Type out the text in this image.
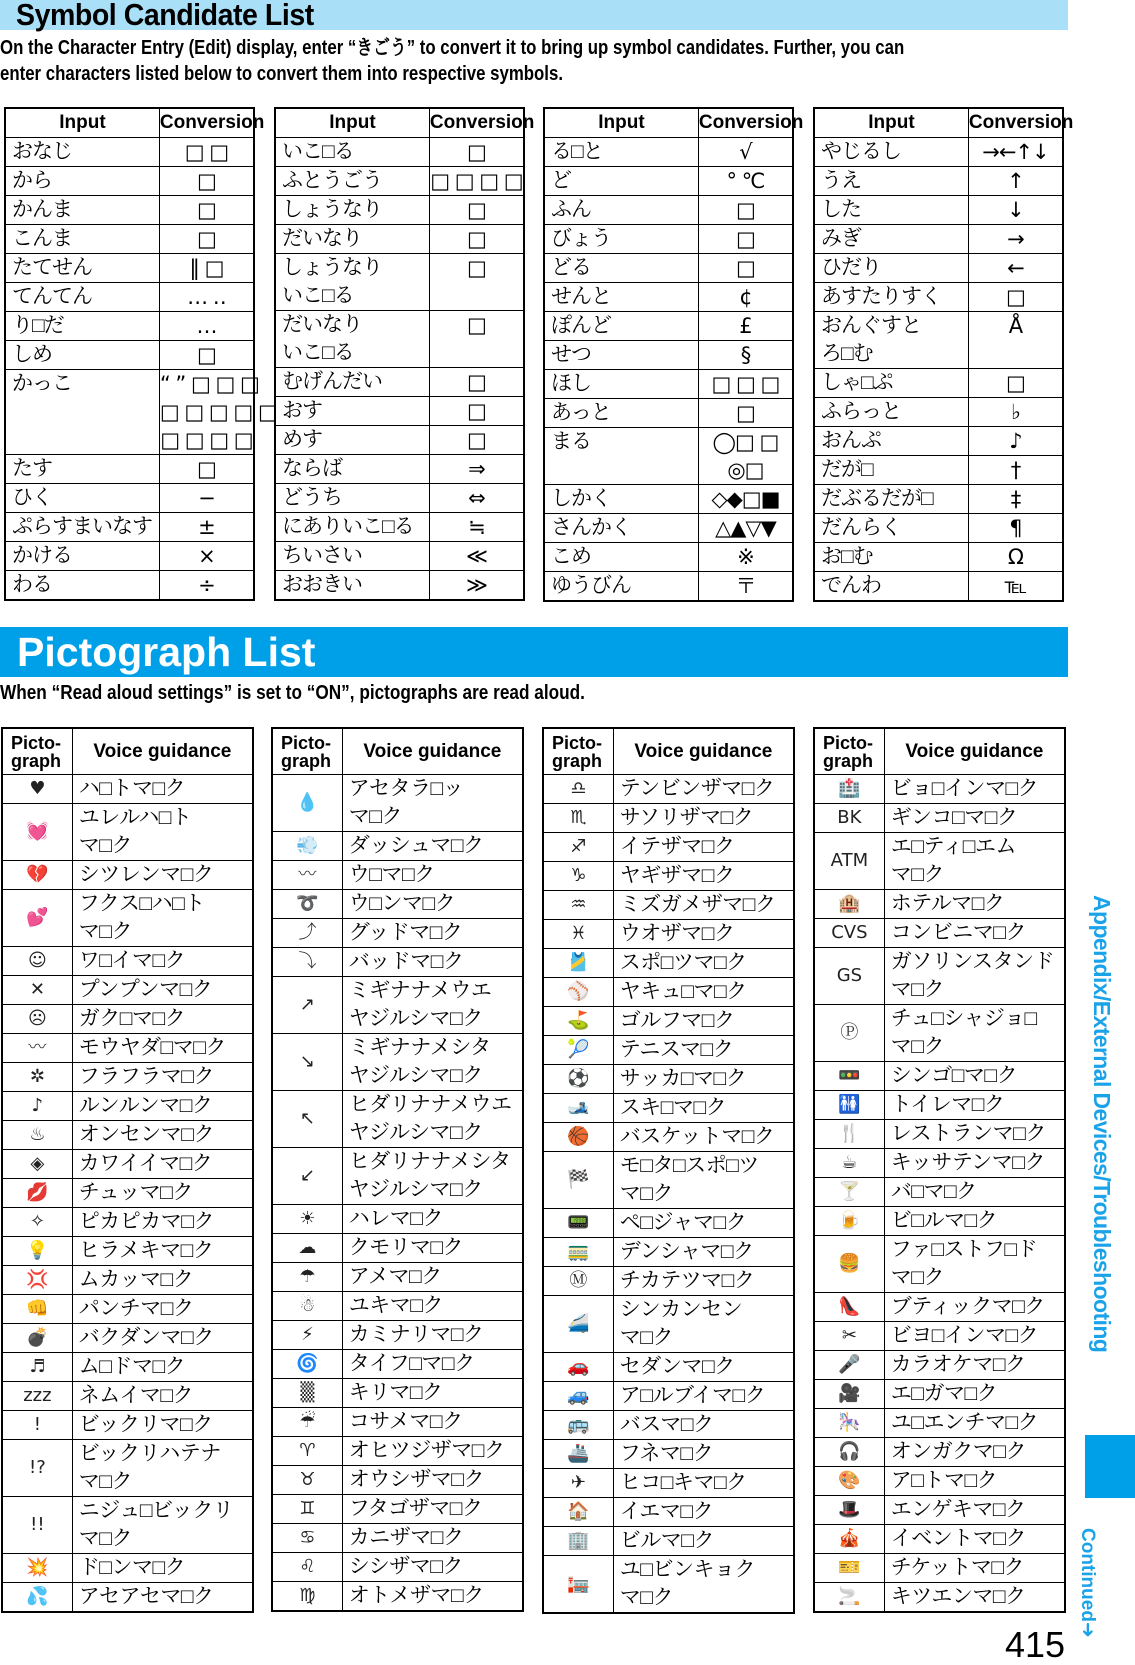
Symbol Candidate List
On the Character Entry (Edit) display, enter “きごう” to convert it to bring up symbol candidates. Further, you can
enter characters listed below to convert them into respective symbols.
Input	Conversion
おなじ	□ □
から	□
かんま	□
こんま	□
たてせん	‖ □
てんてん	… ‥
り□だ	…
しめ	□
かっこ	“ ” □ □ □
□ □ □ □ □
□ □ □ □
たす	□
ひく	−
ぷらすまいなす	±
かける	×
わる	÷
Input	Conversion
いこ□る	□
ふとうごう	□ □ □ □
しょうなり	□
だいなり	□
しょうなり
いこ□る	□
だいなり
いこ□る	□
むげんだい	□
おす	□
めす	□
ならば	⇒
どうち	⇔
にありいこ□る	≒
ちいさい	≪
おおきい	≫
Input	Conversion
る□と	√
ど	° ℃
ふん	□
びょう	□
どる	□
せんと	¢
ぽんど	£
せつ	§
ほし	□ □ □
あっと	□
まる	◯□ □
◎□
しかく	◇◆□■
さんかく	△▲▽▼
こめ	※
ゆうびん	〒
Input	Conversion
やじるし	→←↑↓
うえ	↑
した	↓
みぎ	→
ひだり	←
あすたりすく	□
おんぐすと
ろ□む	Å
しゃ□ぷ	□
ふらっと	♭
おんぷ	♪
だが□	†
だぶるだが□	‡
だんらく	¶
お□む	Ω
でんわ	℡
Pictograph List
When “Read aloud settings” is set to “ON”, pictographs are read aloud.
Picto-
graph	Voice guidance
♥	ハ□トマ□ク
💓	ユレルハ□ト
マ□ク
💔	シツレンマ□ク
💕	フクス□ハ□ト
マ□ク
☺	ワ□イマ□ク
✕	プンプンマ□ク
☹	ガク□マ□ク
〰	モウヤダ□マ□ク
✲	フラフラマ□ク
♪	ルンルンマ□ク
♨	オンセンマ□ク
◈	カワイイマ□ク
💋	チュッマ□ク
✧	ピカピカマ□ク
💡	ヒラメキマ□ク
💢	ムカッマ□ク
👊	パンチマ□ク
💣	バクダンマ□ク
♬	ム□ドマ□ク
zzz	ネムイマ□ク
!	ビックリマ□ク
!?	ビックリハテナ
マ□ク
!!	ニジュ□ビックリ
マ□ク
💥	ド□ンマ□ク
💦	アセアセマ□ク
Picto-
graph	Voice guidance
💧	アセタラ□ッ
マ□ク
💨	ダッシュマ□ク
〰	ウ□マ□ク
➰	ウ□ンマ□ク
⤴	グッドマ□ク
⤵	バッドマ□ク
↗	ミギナナメウエ
ヤジルシマ□ク
↘	ミギナナメシタ
ヤジルシマ□ク
↖	ヒダリナナメウエ
ヤジルシマ□ク
↙	ヒダリナナメシタ
ヤジルシマ□ク
☀	ハレマ□ク
☁	クモリマ□ク
☂	アメマ□ク
☃	ユキマ□ク
⚡	カミナリマ□ク
🌀	タイフ□マ□ク
▒	キリマ□ク
☔	コサメマ□ク
♈	オヒツジザマ□ク
♉	オウシザマ□ク
♊	フタゴザマ□ク
♋	カニザマ□ク
♌	シシザマ□ク
♍	オトメザマ□ク
Picto-
graph	Voice guidance
♎	テンビンザマ□ク
♏	サソリザマ□ク
♐	イテザマ□ク
♑	ヤギザマ□ク
♒	ミズガメザマ□ク
♓	ウオザマ□ク
🎽	スポ□ツマ□ク
⚾	ヤキュ□マ□ク
⛳	ゴルフマ□ク
🎾	テニスマ□ク
⚽	サッカ□マ□ク
🎿	スキ□マ□ク
🏀	バスケットマ□ク
🏁	モ□タ□スポ□ツ
マ□ク
📟	ペ□ジャマ□ク
🚃	デンシャマ□ク
Ⓜ	チカテツマ□ク
🚄	シンカンセン
マ□ク
🚗	セダンマ□ク
🚙	ア□ルブイマ□ク
🚌	バスマ□ク
🚢	フネマ□ク
✈	ヒコ□キマ□ク
🏠	イエマ□ク
🏢	ビルマ□ク
🏣	ユ□ビンキョク
マ□ク
Picto-
graph	Voice guidance
🏥	ビョ□インマ□ク
BK	ギンコ□マ□ク
ATM	エ□ティ□エム
マ□ク
🏨	ホテルマ□ク
CVS	コンビニマ□ク
GS	ガソリンスタンド
マ□ク
Ⓟ	チュ□シャジョ□
マ□ク
🚥	シンゴ□マ□ク
🚻	トイレマ□ク
🍴	レストランマ□ク
☕	キッサテンマ□ク
🍸	バ□マ□ク
🍺	ビ□ルマ□ク
🍔	ファ□ストフ□ド
マ□ク
👠	ブティックマ□ク
✂	ビヨ□インマ□ク
🎤	カラオケマ□ク
🎥	エ□ガマ□ク
🎠	ユ□エンチマ□ク
🎧	オンガクマ□ク
🎨	ア□トマ□ク
🎩	エンゲキマ□ク
🎪	イベントマ□ク
🎫	チケットマ□ク
🚬	キツエンマ□ク
Appendix/External Devices/Troubleshooting
Continued➜
415
